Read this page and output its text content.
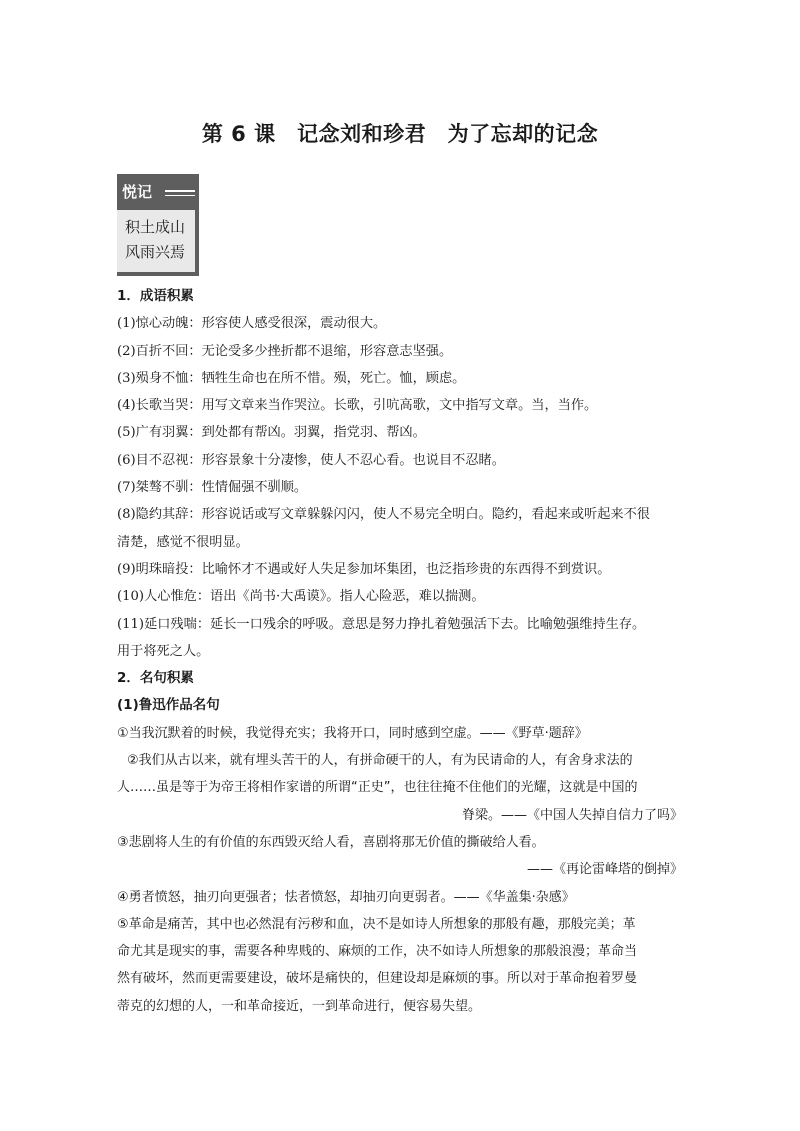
第 6 课　记念刘和珍君　为了忘却的记念
悦记
积土成山
风雨兴焉
1．成语积累
(1)惊心动魄：形容使人感受很深，震动很大。
(2)百折不回：无论受多少挫折都不退缩，形容意志坚强。
(3)殒身不恤：牺牲生命也在所不惜。殒，死亡。恤，顾虑。
(4)长歌当哭：用写文章来当作哭泣。长歌，引吭高歌，文中指写文章。当，当作。
(5)广有羽翼：到处都有帮凶。羽翼，指党羽、帮凶。
(6)目不忍视：形容景象十分凄惨，使人不忍心看。也说目不忍睹。
(7)桀骜不驯：性情倔强不驯顺。
(8)隐约其辞：形容说话或写文章躲躲闪闪，使人不易完全明白。隐约，看起来或听起来不很
清楚，感觉不很明显。
(9)明珠暗投：比喻怀才不遇或好人失足参加坏集团，也泛指珍贵的东西得不到赏识。
(10)人心惟危：语出《尚书·大禹谟》。指人心险恶，难以揣测。
(11)延口残喘：延长一口残余的呼吸。意思是努力挣扎着勉强活下去。比喻勉强维持生存。
用于将死之人。
2．名句积累
(1)鲁迅作品名句
①当我沉默着的时候，我觉得充实；我将开口，同时感到空虚。——《野草·题辞》
②我们从古以来，就有埋头苦干的人，有拼命硬干的人，有为民请命的人，有舍身求法的
人……虽是等于为帝王将相作家谱的所谓“正史”，也往往掩不住他们的光耀，这就是中国的
脊梁。——《中国人失掉自信力了吗》
③悲剧将人生的有价值的东西毁灭给人看，喜剧将那无价值的撕破给人看。
——《再论雷峰塔的倒掉》
④勇者愤怒，抽刃向更强者；怯者愤怒，却抽刃向更弱者。——《华盖集·杂感》
⑤革命是痛苦，其中也必然混有污秽和血，决不是如诗人所想象的那般有趣，那般完美；革
命尤其是现实的事，需要各种卑贱的、麻烦的工作，决不如诗人所想象的那般浪漫；革命当
然有破坏，然而更需要建设，破坏是痛快的，但建设却是麻烦的事。所以对于革命抱着罗曼
蒂克的幻想的人，一和革命接近，一到革命进行，便容易失望。
